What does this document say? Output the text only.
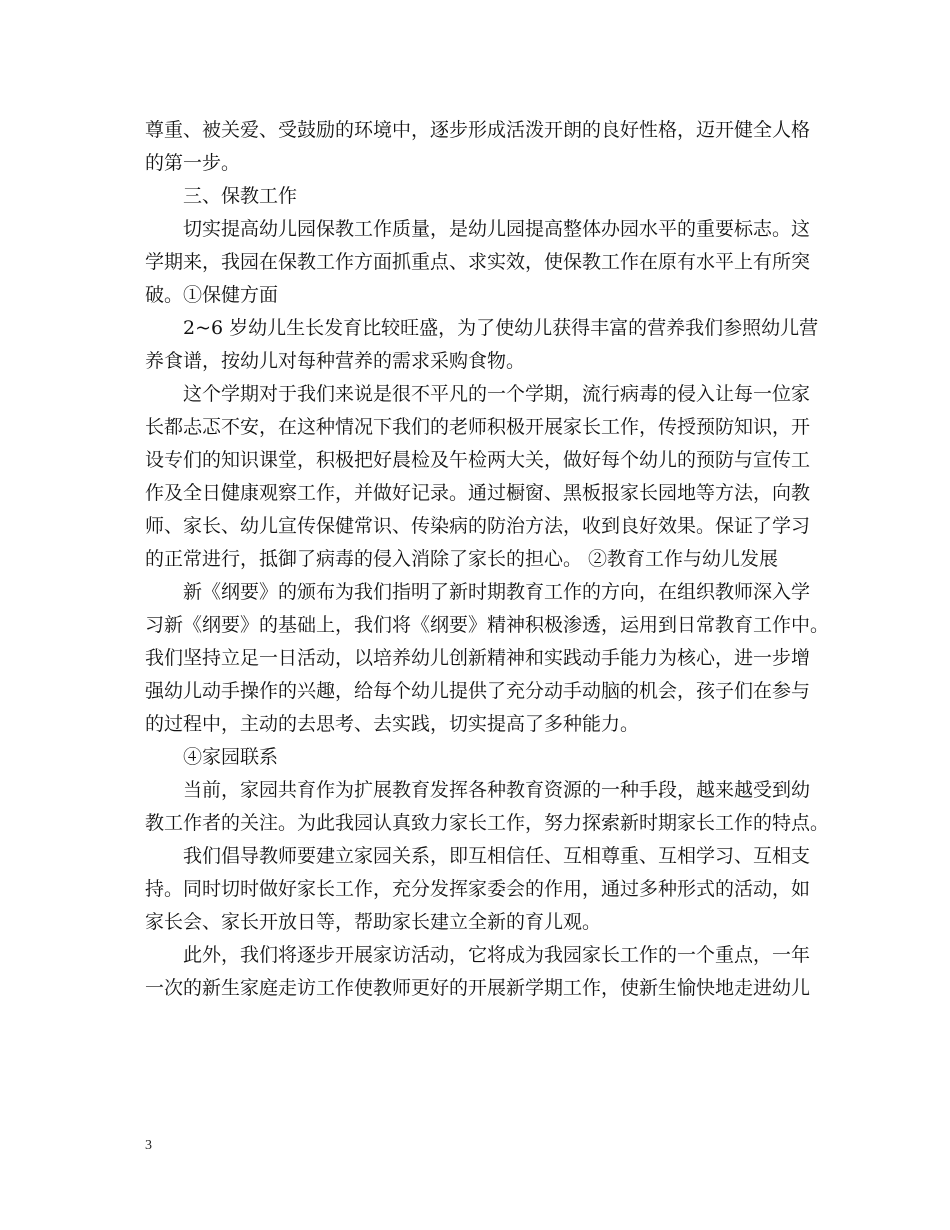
尊重、被关爱、受鼓励的环境中，逐步形成活泼开朗的良好性格，迈开健全人格
的第一步。
三、保教工作
切实提高幼儿园保教工作质量，是幼儿园提高整体办园水平的重要标志。这
学期来，我园在保教工作方面抓重点、求实效，使保教工作在原有水平上有所突
破。①保健方面
2~6 岁幼儿生长发育比较旺盛，为了使幼儿获得丰富的营养我们参照幼儿营
养食谱，按幼儿对每种营养的需求采购食物。
这个学期对于我们来说是很不平凡的一个学期，流行病毒的侵入让每一位家
长都忐忑不安，在这种情况下我们的老师积极开展家长工作，传授预防知识，开
设专们的知识课堂，积极把好晨检及午检两大关，做好每个幼儿的预防与宣传工
作及全日健康观察工作，并做好记录。通过橱窗、黑板报家长园地等方法，向教
师、家长、幼儿宣传保健常识、传染病的防治方法，收到良好效果。保证了学习
的正常进行，抵御了病毒的侵入消除了家长的担心。 ②教育工作与幼儿发展
新《纲要》的颁布为我们指明了新时期教育工作的方向，在组织教师深入学
习新《纲要》的基础上，我们将《纲要》精神积极渗透，运用到日常教育工作中。
我们坚持立足一日活动，以培养幼儿创新精神和实践动手能力为核心，进一步增
强幼儿动手操作的兴趣，给每个幼儿提供了充分动手动脑的机会，孩子们在参与
的过程中，主动的去思考、去实践，切实提高了多种能力。
④家园联系
当前，家园共育作为扩展教育发挥各种教育资源的一种手段，越来越受到幼
教工作者的关注。为此我园认真致力家长工作，努力探索新时期家长工作的特点。
我们倡导教师要建立家园关系，即互相信任、互相尊重、互相学习、互相支
持。同时切时做好家长工作，充分发挥家委会的作用，通过多种形式的活动，如
家长会、家长开放日等，帮助家长建立全新的育儿观。
此外，我们将逐步开展家访活动，它将成为我园家长工作的一个重点，一年
一次的新生家庭走访工作使教师更好的开展新学期工作，使新生愉快地走进幼儿
3
